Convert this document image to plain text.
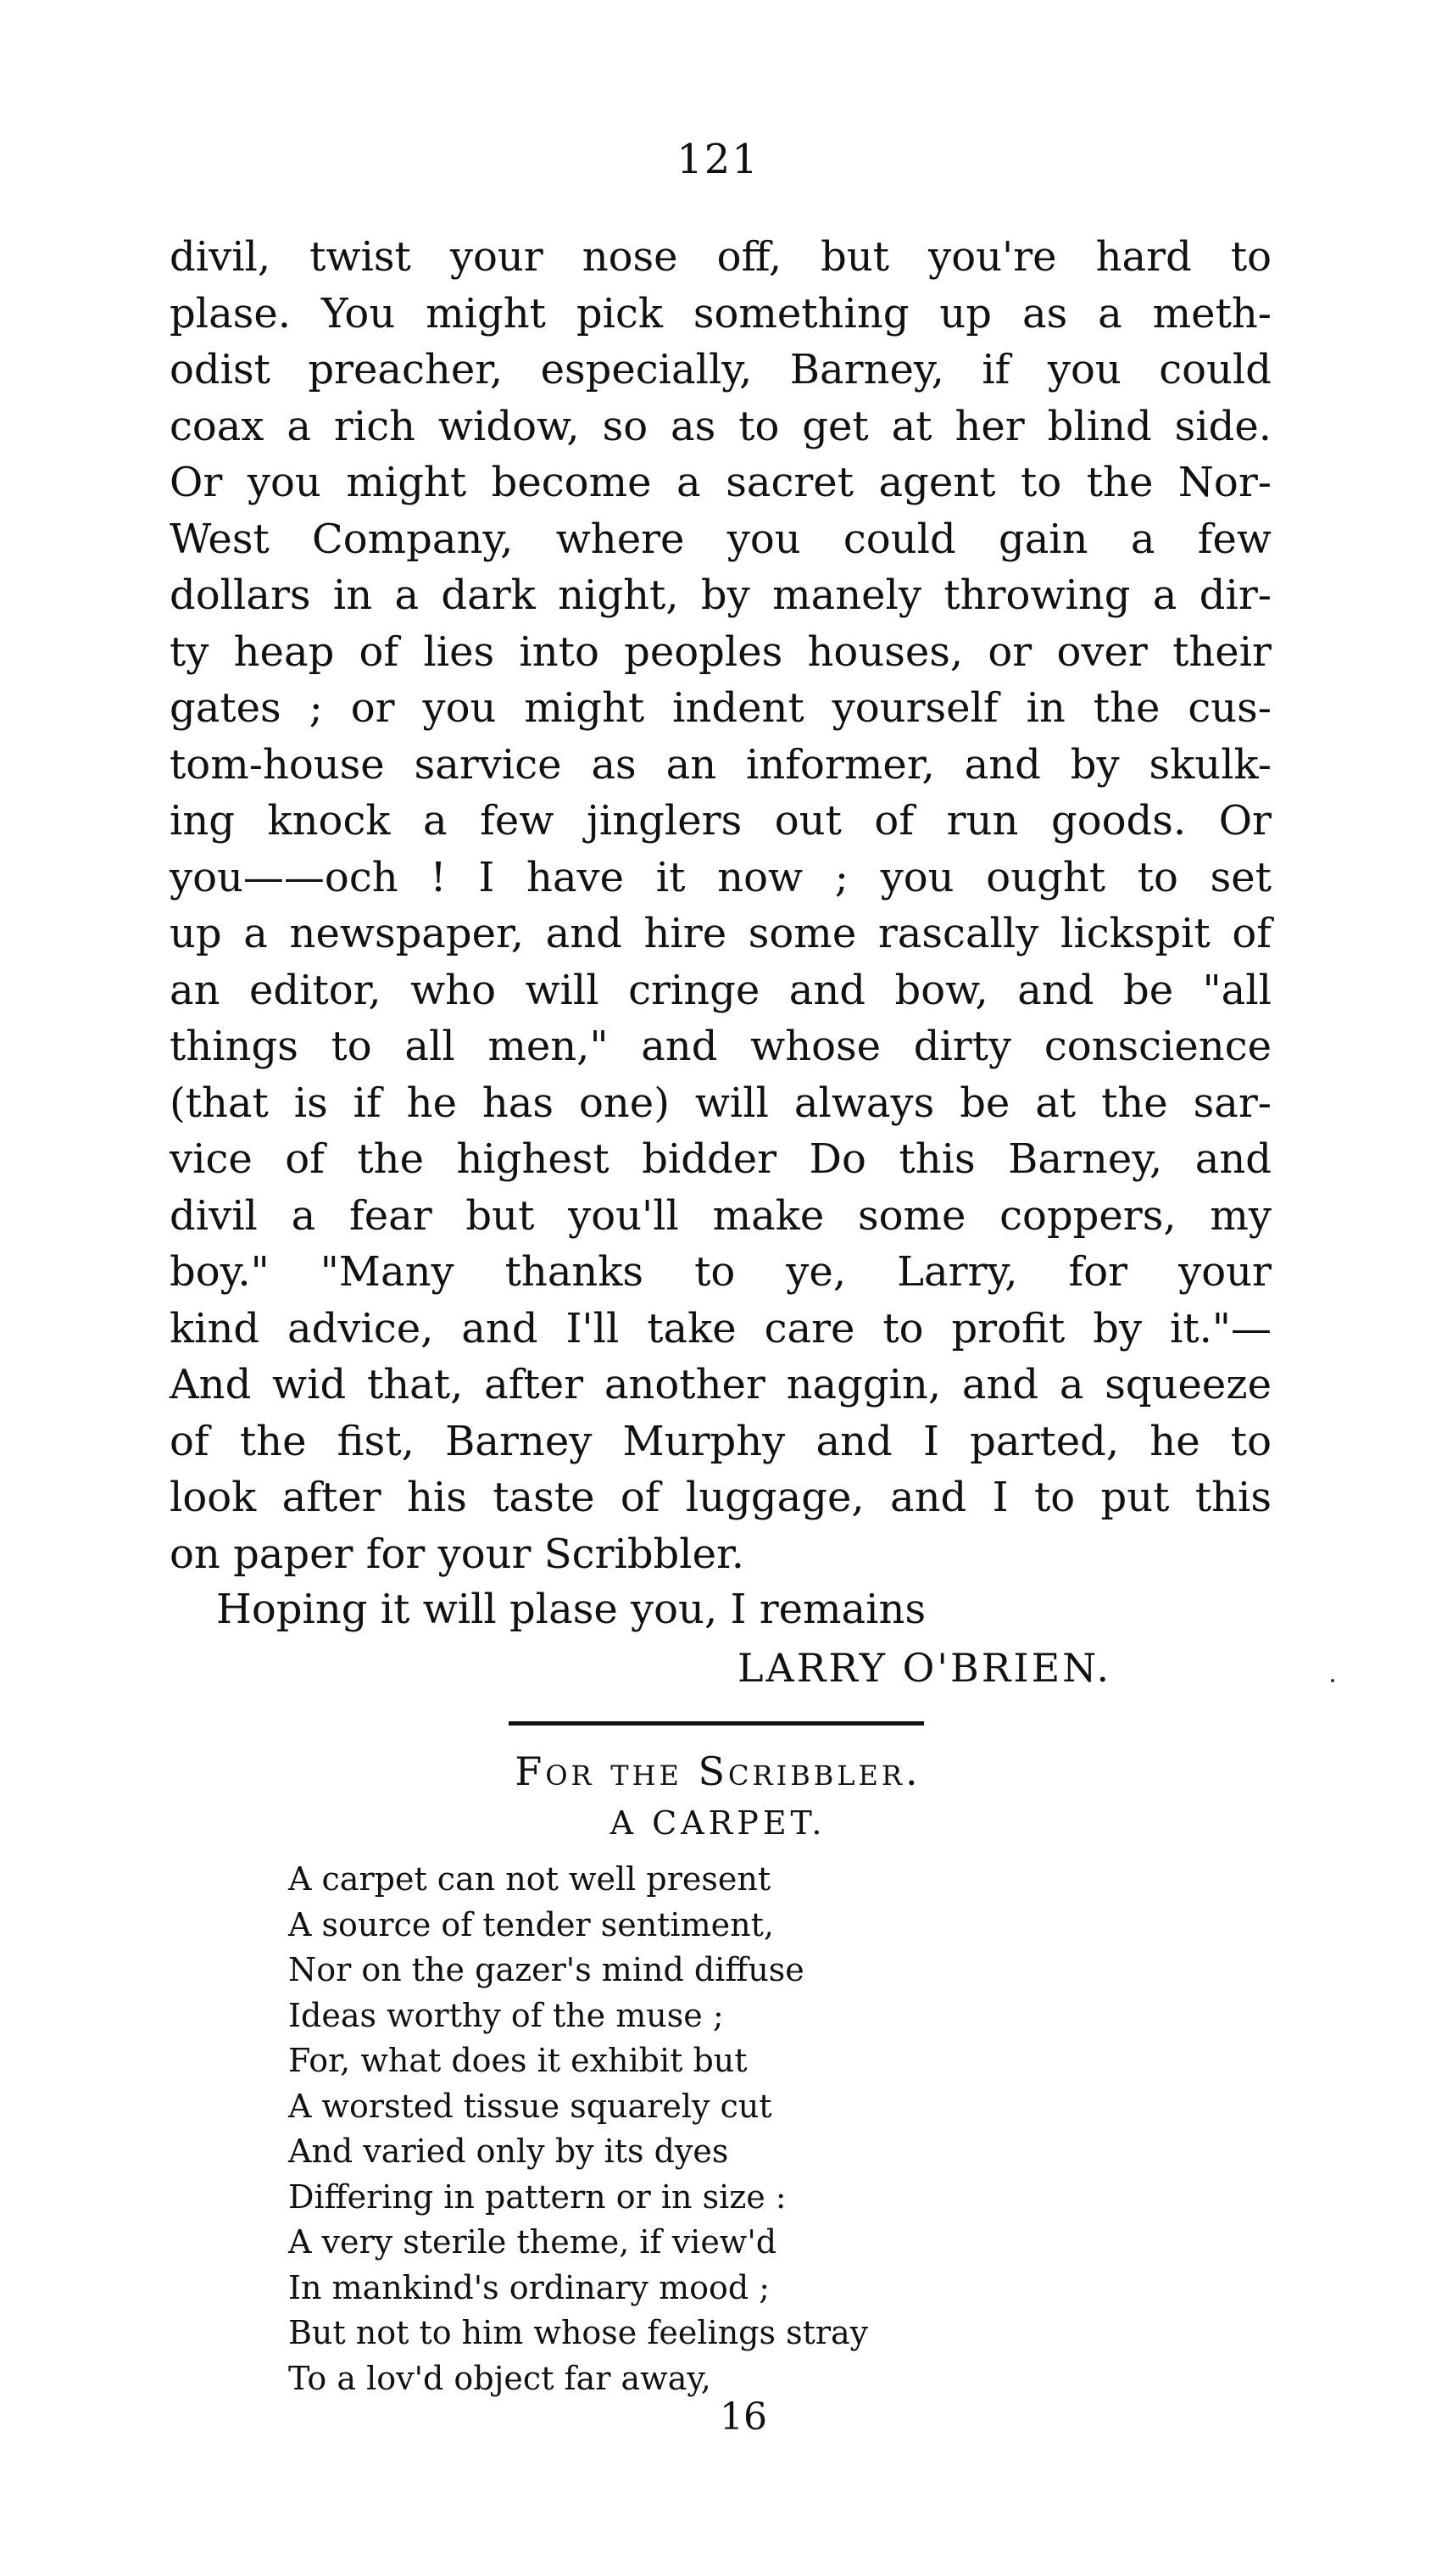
121
divil, twist your nose off, but you're hard to
plase. You might pick something up as a meth-
odist preacher, especially, Barney, if you could
coax a rich widow, so as to get at her blind side.
Or you might become a sacret agent to the Nor-
West Company, where you could gain a few
dollars in a dark night, by manely throwing a dir-
ty heap of lies into peoples houses, or over their
gates ; or you might indent yourself in the cus-
tom-house sarvice as an informer, and by skulk-
ing knock a few jinglers out of run goods. Or
you——och ! I have it now ; you ought to set
up a newspaper, and hire some rascally lickspit of
an editor, who will cringe and bow, and be "all
things to all men," and whose dirty conscience
(that is if he has one) will always be at the sar-
vice of the highest bidder Do this Barney, and
divil a fear but you'll make some coppers, my
boy." "Many thanks to ye, Larry, for your
kind advice, and I'll take care to profit by it."—
And wid that, after another naggin, and a squeeze
of the fist, Barney Murphy and I parted, he to
look after his taste of luggage, and I to put this
on paper for your Scribbler.
Hoping it will plase you, I remains
LARRY O'BRIEN.
For the Scribbler.
A CARPET.
A carpet can not well present
A source of tender sentiment,
Nor on the gazer's mind diffuse
Ideas worthy of the muse ;
For, what does it exhibit but
A worsted tissue squarely cut
And varied only by its dyes
Differing in pattern or in size :
A very sterile theme, if view'd
In mankind's ordinary mood ;
But not to him whose feelings stray
To a lov'd object far away,
16
